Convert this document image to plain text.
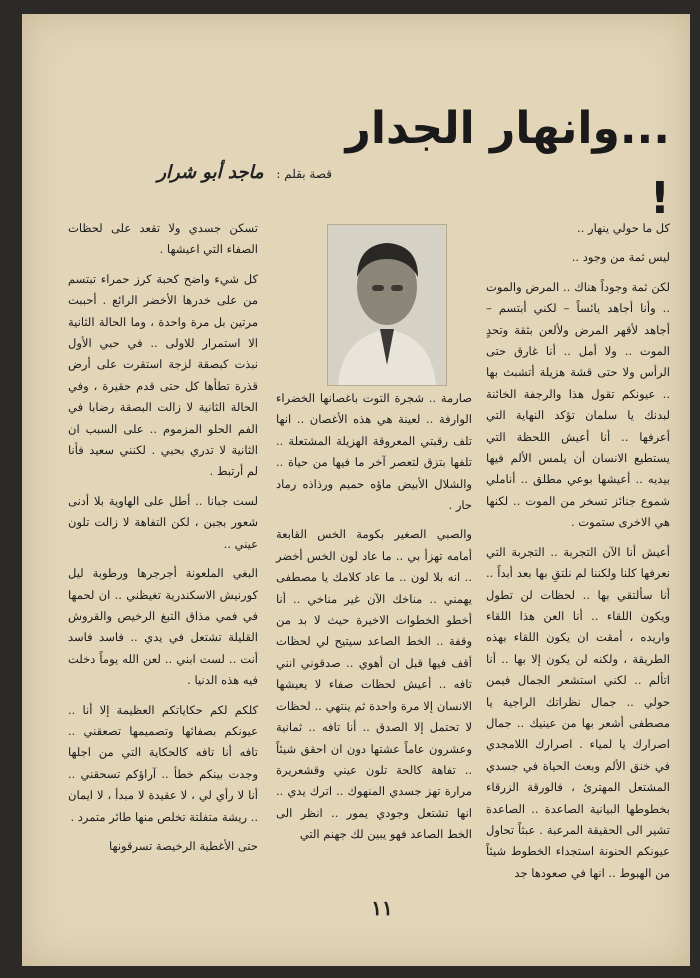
...وانهار الجدار !
قصة بقلم : ماجد أبو شرار

كل ما حولي ينهار ..

ليس ثمة من وجود ..

لكن ثمة وجوداً هناك .. المرض والموت .. وأنا أجاهد يائساً – لكني أبتسم – أجاهد لأقهر المرض ولألعن بثقة وتحدٍ الموت .. ولا أمل .. أنا غارق حتى الرأس ولا حتى قشة هزيلة أتشبث بها .. عيونكم تقول هذا والرجفة الخائنة لبدنك يا سلمان تؤكد النهاية التي أعرفها .. أنا أعيش اللحظة التي يستطيع الانسان أن يلمس الألم فيها بيديه .. أعيشها بوعي مطلق .. أناملي شموع جنائز تسخر من الموت .. لكنها هي الاخرى ستموت .

أعيش أنا الآن التجربة .. التجربة التي نعرفها كلنا ولكننا لم نلتقِ بها بعد أبداً .. أنا سألتقي بها .. لحظات لن تطول ويكون اللقاء .. أنا العن هذا اللقاء واريده ، أمقت ان يكون اللقاء بهذه الطريقة ، ولكنه لن يكون إلا بها .. أنا اتألم .. لكني استشعر الجمال فيمن حولي .. جمال نظراتك الراجية يا مصطفى أشعر بها من عينيك .. جمال اصرارك يا لمياء . اصرارك اللامجدي في خنق الألم وبعث الحياة في جسدي المشتعل المهترئ ، فالورقة الزرقاء بخطوطها البيانية الصاعدة .. الصاعدة تشير الى الحقيقة المرعبة . عبثاً تحاول عيونكم الحنونة استجداء الخطوط شيئاً من الهبوط .. انها في صعودها جد

صارمة .. شجرة التوت باغصانها الخضراء الوارفة .. لعينة هي هذه الأغصان .. انها تلف رقبتي المعروقة الهزيلة المشتعلة .. تلفها بتزق لتعصر آخر ما فيها من حياة .. والشلال الأبيض ماؤه حميم ورذاذه رماد حار .

والصبي الصغير بكومة الخس القابعة أمامه تهزأ بي .. ما عاد لون الخس أخضر .. انه بلا لون .. ما عاد كلامك يا مصطفى يهمني .. مناخك الآن غير مناخي .. أنا أخطو الخطوات الاخيرة حيث لا بد من وقفة .. الخط الصاعد سيتيح لي لحظات أقف فيها قبل ان أهوي .. صدقوني انني تافه .. أعيش لحظات صفاء لا يعيشها الانسان إلا مرة واحدة ثم ينتهي .. لحظات لا تحتمل إلا الصدق .. أنا تافه .. ثمانية وعشرون عاماً عشتها دون ان احقق شيئاً .. تفاهة كالحة تلون عيني وقشعريرة مرارة تهز جسدي المنهوك .. اترك يدي .. انها تشتعل وجودي يمور .. انظر الى الخط الصاعد فهو يبين لك جهنم التي

تسكن جسدي ولا تقعد على لحظات الصفاء التي اعيشها .

كل شيء واضح كحبة كرز حمراء تبتسم من على خدرها الأخضر الرائع . أحببت مرتين بل مرة واحدة ، وما الحالة الثانية الا استمرار للاولى .. في حبي الأول نبذت كبصقة لزجة استقرت على أرض قذرة تطأها كل حتى قدم حقيرة ، وفي الحالة الثانية لا زالت البصقة رضابا في الفم الحلو المزموم .. على السبب ان الثانية لا تدري بحبي . لكنني سعيد فأنا لم أرتبط .

لست جبانا .. أطل على الهاوية بلا أدنى شعور بجبن ، لكن التفاهة لا زالت تلون عيني ..

البغي الملعونة أجرجرها ورطوبة ليل كورنيش الاسكندرية تغيظني .. ان لحمها في فمي مذاق التبغ الرخيص والقروش القليلة تشتعل في يدي .. فاسد فاسد أنت .. لست ابني .. لعن الله يوماً دخلت فيه هذه الدنيا .

كلكم لكم حكاياتكم العظيمة إلا أنا .. عيونكم بصفائها وتصميمها تصعقني .. تافه أنا تافه كالحكاية التي من اجلها وجدت بينكم خطأ .. آراؤكم تسحقني .. أنا لا رأي لي ، لا عقيدة لا مبدأ ، لا ايمان .. ريشة متفلتة تخلص منها طائر متمرد .

حتى الأغطية الرخيصة تسرقونها

١١
